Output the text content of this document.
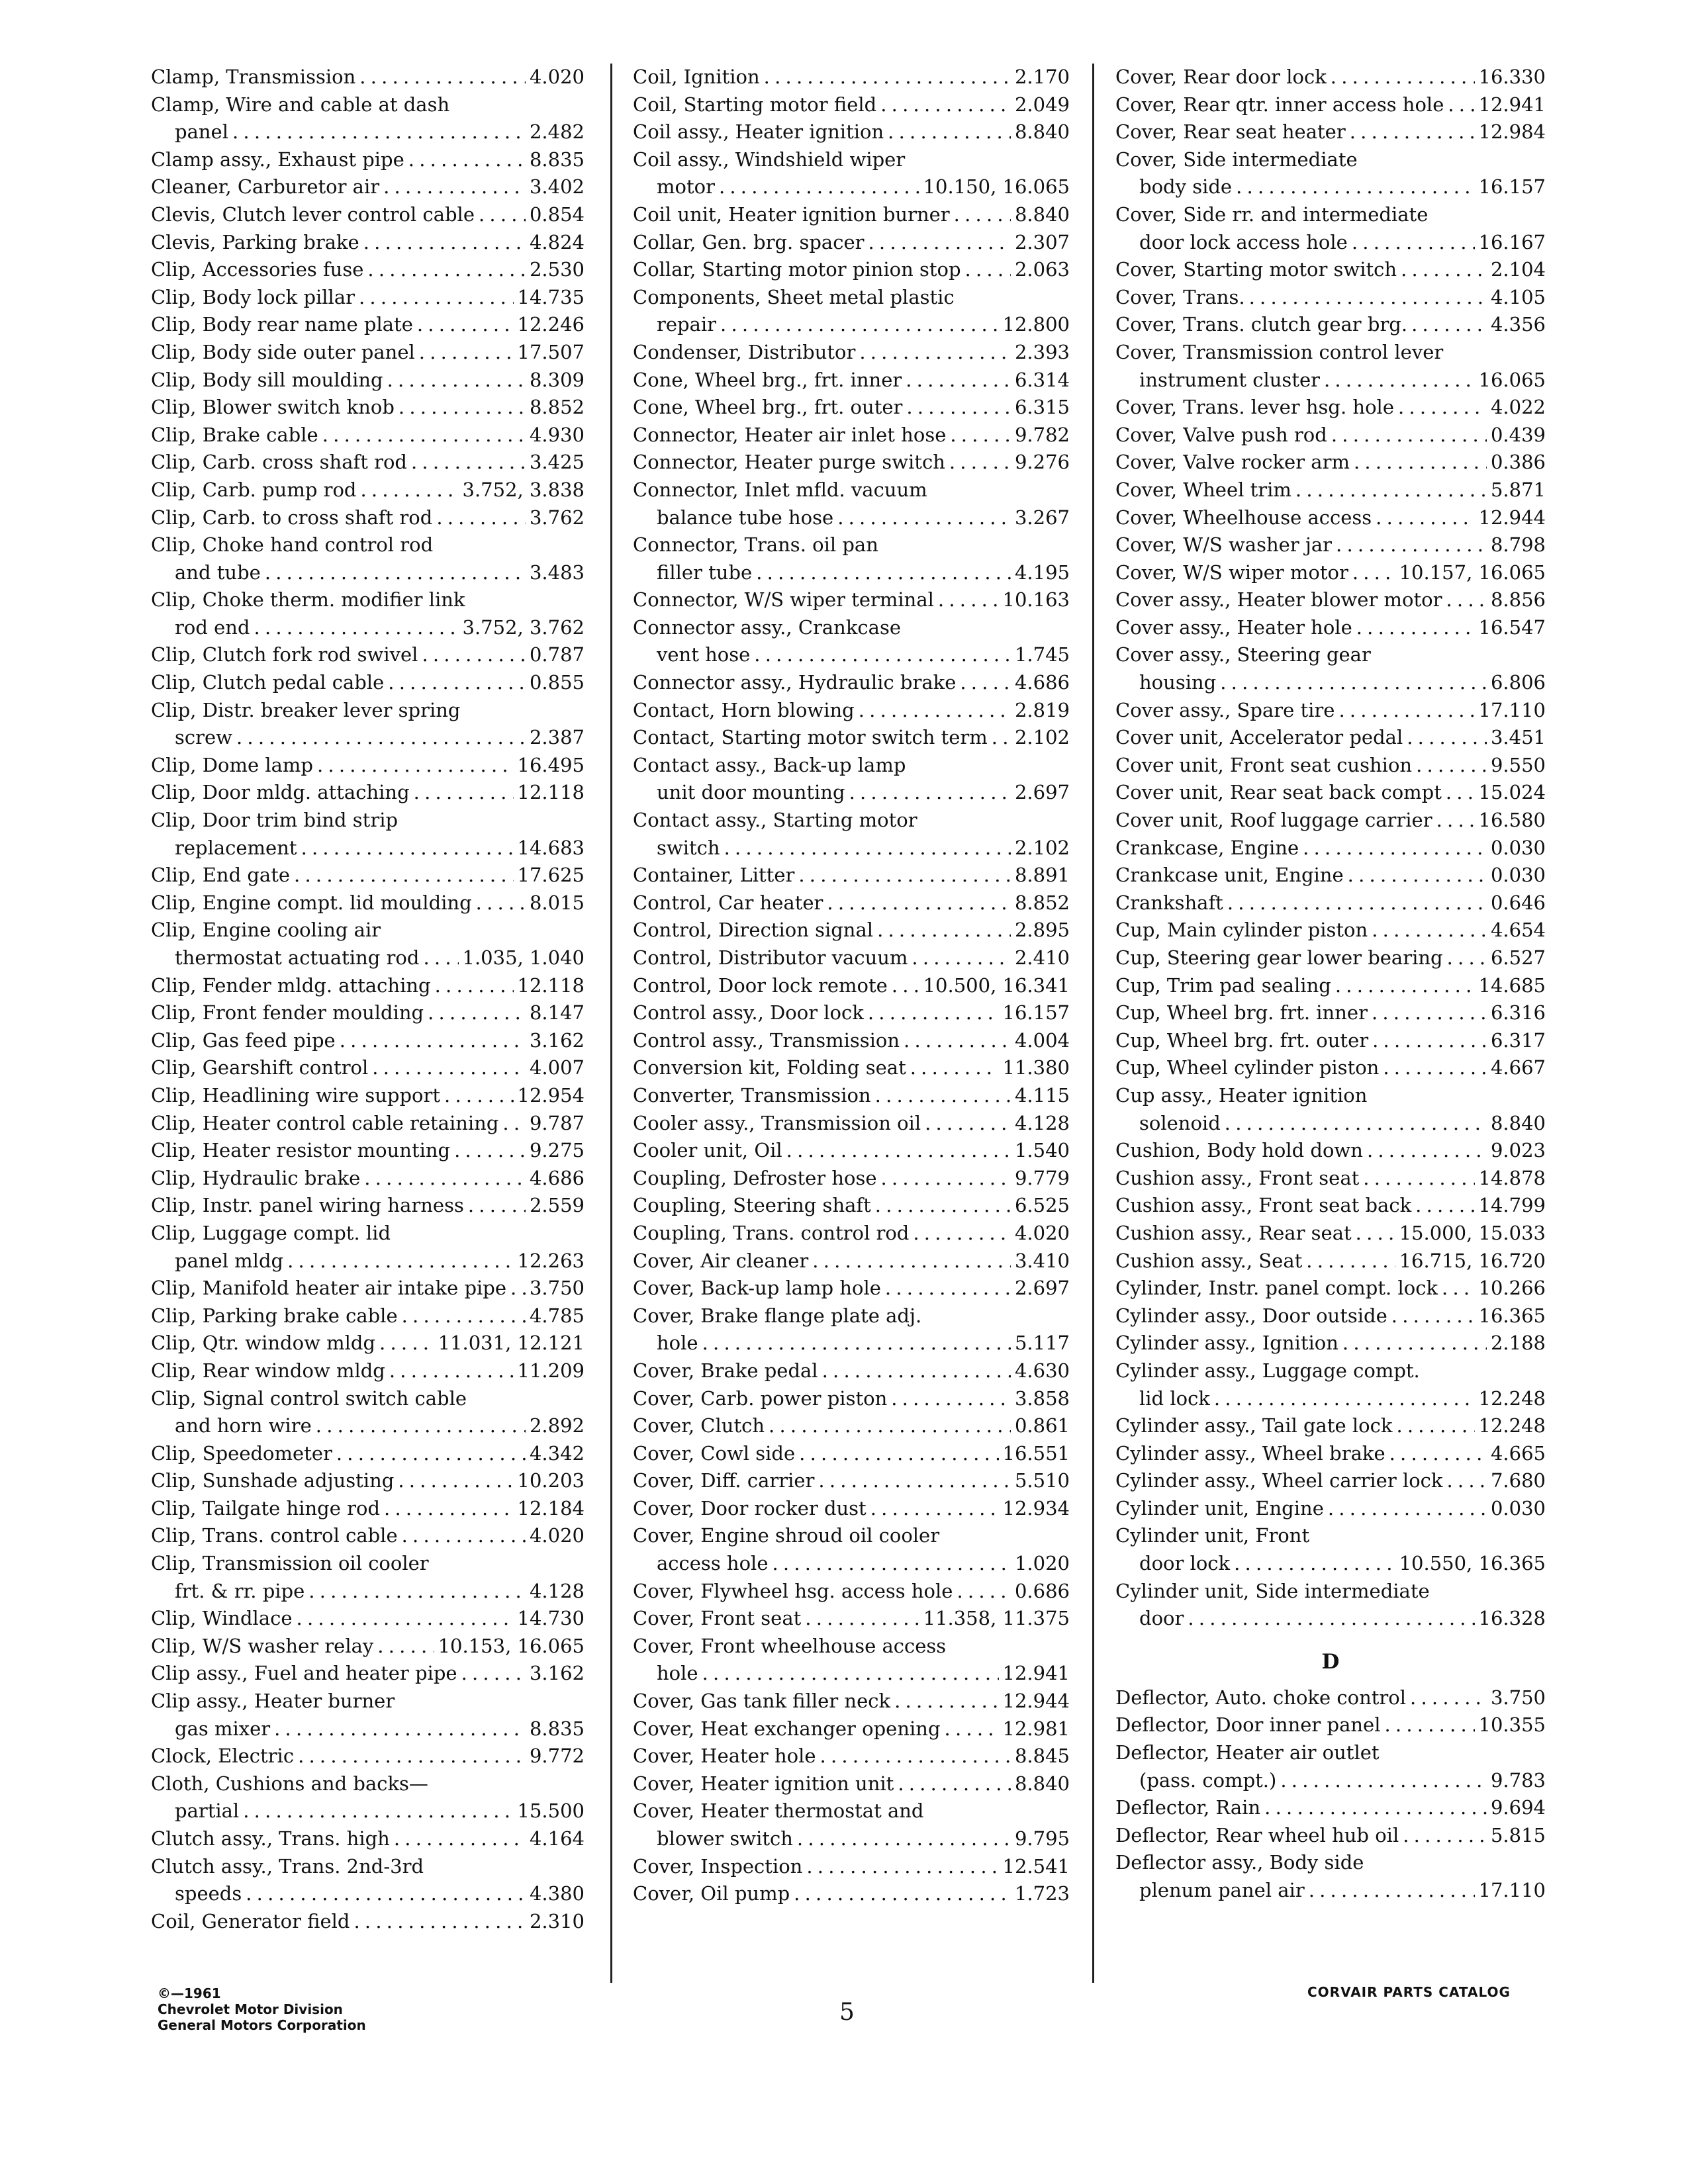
Clamp, Transmission . . .	4.020
Clamp, Wire and cable at dash
panel . . .	2.482
Clamp assy., Exhaust pipe . . .	8.835
Cleaner, Carburetor air . . .	3.402
Clevis, Clutch lever control cable . . .	0.854
Clevis, Parking brake . . .	4.824
Clip, Accessories fuse . . .	2.530
Clip, Body lock pillar . . .	14.735
Clip, Body rear name plate . . .	12.246
Clip, Body side outer panel . . .	17.507
Clip, Body sill moulding . . .	8.309
Clip, Blower switch knob . . .	8.852
Clip, Brake cable . . .	4.930
Clip, Carb. cross shaft rod . . .	3.425
Clip, Carb. pump rod . . .	3.752, 3.838
Clip, Carb. to cross shaft rod . . .	3.762
Clip, Choke hand control rod
and tube . . .	3.483
Clip, Choke therm. modifier link
rod end . . .	3.752, 3.762
Clip, Clutch fork rod swivel . . .	0.787
Clip, Clutch pedal cable . . .	0.855
Clip, Distr. breaker lever spring
screw . . .	2.387
Clip, Dome lamp . . .	16.495
Clip, Door mldg. attaching . . .	12.118
Clip, Door trim bind strip
replacement . . .	14.683
Clip, End gate . . .	17.625
Clip, Engine compt. lid moulding . . .	8.015
Clip, Engine cooling air
thermostat actuating rod . . . 1.035, 1.040
Clip, Fender mldg. attaching . . .	12.118
Clip, Front fender moulding . . .	8.147
Clip, Gas feed pipe . . .	3.162
Clip, Gearshift control . . .	4.007
Clip, Headlining wire support . . .	12.954
Clip, Heater control cable retaining . . . 9.787
Clip, Heater resistor mounting . . .	9.275
Clip, Hydraulic brake . . .	4.686
Clip, Instr. panel wiring harness . . .	2.559
Clip, Luggage compt. lid
panel mldg . . .	12.263
Clip, Manifold heater air intake pipe . . . 3.750
Clip, Parking brake cable . . .	4.785
Clip, Qtr. window mldg . . .	11.031, 12.121
Clip, Rear window mldg . . .	11.209
Clip, Signal control switch cable
and horn wire . . .	2.892
Clip, Speedometer . . .	4.342
Clip, Sunshade adjusting . . .	10.203
Clip, Tailgate hinge rod . . .	12.184
Clip, Trans. control cable . . .	4.020
Clip, Transmission oil cooler
frt. & rr. pipe . . .	4.128
Clip, Windlace . . .	14.730
Clip, W/S washer relay . . .	10.153, 16.065
Clip assy., Fuel and heater pipe . . .	3.162
Clip assy., Heater burner
gas mixer . . .	8.835
Clock, Electric . . .	9.772
Cloth, Cushions and backs—
partial . . .	15.500
Clutch assy., Trans. high . . .	4.164
Clutch assy., Trans. 2nd-3rd
speeds . . .	4.380
Coil, Generator field . . .	2.310
Coil, Ignition . . .	2.170
Coil, Starting motor field . . .	2.049
Coil assy., Heater ignition . . .	8.840
Coil assy., Windshield wiper
motor . . .	10.150, 16.065
Coil unit, Heater ignition burner . . .	8.840
Collar, Gen. brg. spacer . . .	2.307
Collar, Starting motor pinion stop . . .	2.063
Components, Sheet metal plastic
repair . . .	12.800
Condenser, Distributor . . .	2.393
Cone, Wheel brg., frt. inner . . .	6.314
Cone, Wheel brg., frt. outer . . .	6.315
Connector, Heater air inlet hose . . .	9.782
Connector, Heater purge switch . . .	9.276
Connector, Inlet mfld. vacuum
balance tube hose . . .	3.267
Connector, Trans. oil pan
filler tube . . .	4.195
Connector, W/S wiper terminal . . .	10.163
Connector assy., Crankcase
vent hose . . .	1.745
Connector assy., Hydraulic brake . . .	4.686
Contact, Horn blowing . . .	2.819
Contact, Starting motor switch term . . . 2.102
Contact assy., Back-up lamp
unit door mounting . . .	2.697
Contact assy., Starting motor
switch . . .	2.102
Container, Litter . . .	8.891
Control, Car heater . . .	8.852
Control, Direction signal . . .	2.895
Control, Distributor vacuum . . .	2.410
Control, Door lock remote . . . 10.500, 16.341
Control assy., Door lock . . .	16.157
Control assy., Transmission . . .	4.004
Conversion kit, Folding seat . . .	11.380
Converter, Transmission . . .	4.115
Cooler assy., Transmission oil . . .	4.128
Cooler unit, Oil . . .	1.540
Coupling, Defroster hose . . .	9.779
Coupling, Steering shaft . . .	6.525
Coupling, Trans. control rod . . .	4.020
Cover, Air cleaner . . .	3.410
Cover, Back-up lamp hole . . .	2.697
Cover, Brake flange plate adj.
hole . . .	5.117
Cover, Brake pedal . . .	4.630
Cover, Carb. power piston . . .	3.858
Cover, Clutch . . .	0.861
Cover, Cowl side . . .	16.551
Cover, Diff. carrier . . .	5.510
Cover, Door rocker dust . . .	12.934
Cover, Engine shroud oil cooler
access hole . . .	1.020
Cover, Flywheel hsg. access hole . . .	0.686
Cover, Front seat . . .	11.358, 11.375
Cover, Front wheelhouse access
hole . . .	12.941
Cover, Gas tank filler neck . . .	12.944
Cover, Heat exchanger opening . . .	12.981
Cover, Heater hole . . .	8.845
Cover, Heater ignition unit . . .	8.840
Cover, Heater thermostat and
blower switch . . .	9.795
Cover, Inspection . . .	12.541
Cover, Oil pump . . .	1.723
Cover, Rear door lock . . .	16.330
Cover, Rear qtr. inner access hole . . . 12.941
Cover, Rear seat heater . . .	12.984
Cover, Side intermediate
body side . . .	16.157
Cover, Side rr. and intermediate
door lock access hole . . .	16.167
Cover, Starting motor switch . . .	2.104
Cover, Trans. . . .	4.105
Cover, Trans. clutch gear brg. . . .	4.356
Cover, Transmission control lever
instrument cluster . . .	16.065
Cover, Trans. lever hsg. hole . . .	4.022
Cover, Valve push rod . . .	0.439
Cover, Valve rocker arm . . .	0.386
Cover, Wheel trim . . .	5.871
Cover, Wheelhouse access . . .	12.944
Cover, W/S washer jar . . .	8.798
Cover, W/S wiper motor . . .	10.157, 16.065
Cover assy., Heater blower motor . . .	8.856
Cover assy., Heater hole . . .	16.547
Cover assy., Steering gear
housing . . .	6.806
Cover assy., Spare tire . . .	17.110
Cover unit, Accelerator pedal . . .	3.451
Cover unit, Front seat cushion . . .	9.550
Cover unit, Rear seat back compt . . . 15.024
Cover unit, Roof luggage carrier . . . 16.580
Crankcase, Engine . . .	0.030
Crankcase unit, Engine . . .	0.030
Crankshaft . . .	0.646
Cup, Main cylinder piston . . .	4.654
Cup, Steering gear lower bearing . . . 6.527
Cup, Trim pad sealing . . .	14.685
Cup, Wheel brg. frt. inner . . .	6.316
Cup, Wheel brg. frt. outer . . .	6.317
Cup, Wheel cylinder piston . . .	4.667
Cup assy., Heater ignition
solenoid . . .	8.840
Cushion, Body hold down . . .	9.023
Cushion assy., Front seat . . .	14.878
Cushion assy., Front seat back . . .	14.799
Cushion assy., Rear seat . . . 15.000, 15.033
Cushion assy., Seat . . .	16.715, 16.720
Cylinder, Instr. panel compt. lock . . . 10.266
Cylinder assy., Door outside . . .	16.365
Cylinder assy., Ignition . . .	2.188
Cylinder assy., Luggage compt.
lid lock . . .	12.248
Cylinder assy., Tail gate lock . . .	12.248
Cylinder assy., Wheel brake . . .	4.665
Cylinder assy., Wheel carrier lock . . . 7.680
Cylinder unit, Engine . . .	0.030
Cylinder unit, Front
door lock . . .	10.550, 16.365
Cylinder unit, Side intermediate
door . . .	16.328
D
Deflector, Auto. choke control . . .	3.750
Deflector, Door inner panel . . .	10.355
Deflector, Heater air outlet
(pass. compt.) . . .	9.783
Deflector, Rain . . .	9.694
Deflector, Rear wheel hub oil . . .	5.815
Deflector assy., Body side
plenum panel air . . .	17.110
©—1961
Chevrolet Motor Division
General Motors Corporation	5
CORVAIR PARTS CATALOG
